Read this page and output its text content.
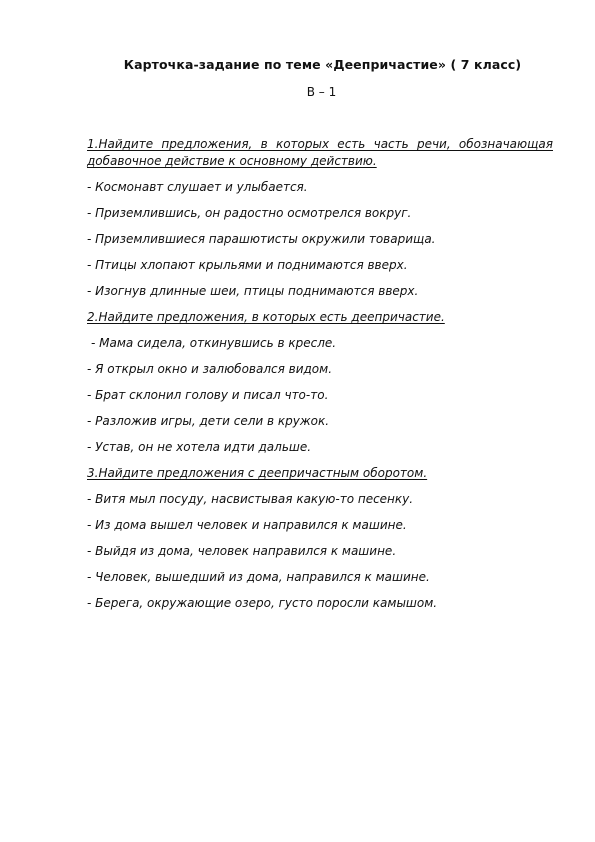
Карточка-задание по теме «Деепричастие» ( 7 класс)
В – 1
1.Найдите предложения, в которых есть часть речи, обозначающая добавочное действие к основному действию.
- Космонавт слушает и улыбается.
- Приземлившись, он радостно осмотрелся вокруг.
- Приземлившиеся парашютисты окружили товарища.
- Птицы хлопают крыльями и поднимаются вверх.
- Изогнув длинные шеи, птицы поднимаются вверх.
2.Найдите предложения, в которых есть деепричастие.
- Мама сидела, откинувшись в кресле.
- Я открыл окно и залюбовался видом.
- Брат склонил голову и писал что-то.
- Разложив игры, дети сели в кружок.
- Устав, он не хотела идти дальше.
3.Найдите предложения с деепричастным оборотом.
- Витя мыл посуду, насвистывая какую-то песенку.
- Из дома вышел человек и направился к машине.
- Выйдя из дома, человек направился к машине.
- Человек, вышедший из дома, направился к машине.
- Берега, окружающие озеро, густо поросли камышом.
